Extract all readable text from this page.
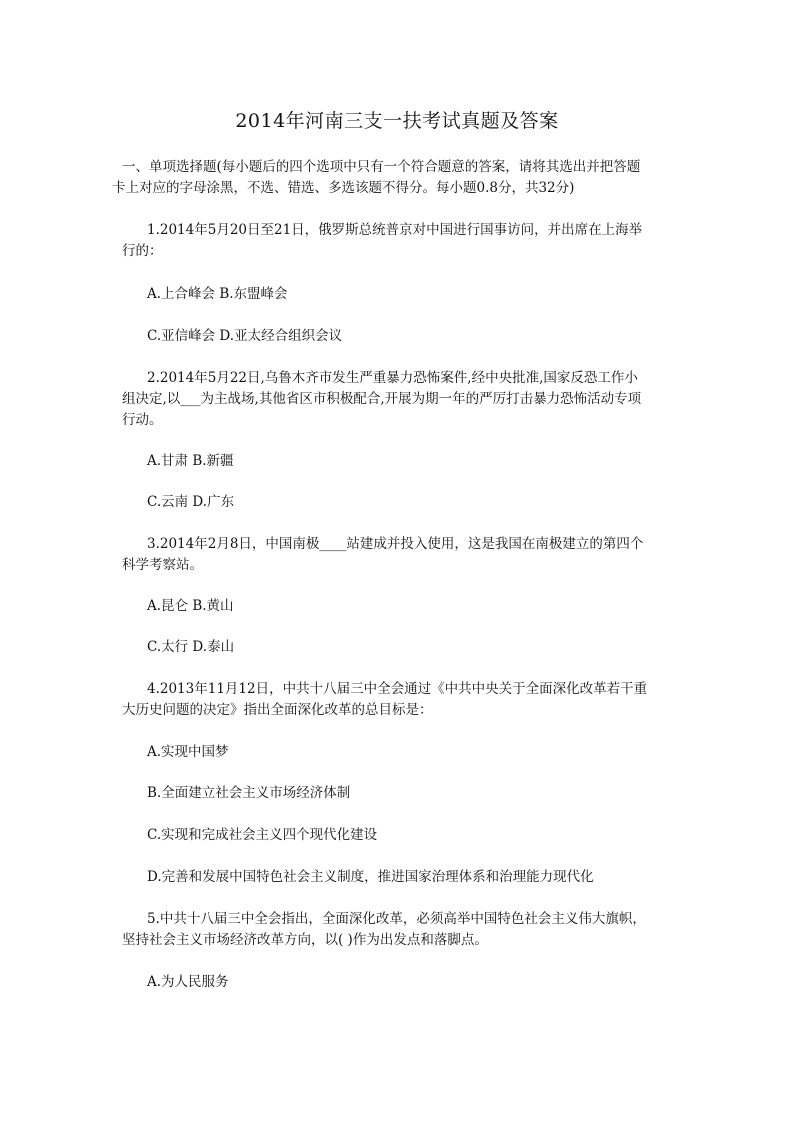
2014年河南三支一扶考试真题及答案
一、单项选择题(每小题后的四个选项中只有一个符合题意的答案，请将其选出并把答题
卡上对应的字母涂黑，不选、错选、多选该题不得分。每小题0.8分，共32分)
1.2014年5月20日至21日，俄罗斯总统普京对中国进行国事访问，并出席在上海举
行的：
A.上合峰会 B.东盟峰会
C.亚信峰会 D.亚太经合组织会议
2.2014年5月22日,乌鲁木齐市发生严重暴力恐怖案件,经中央批准,国家反恐工作小
组决定,以___为主战场,其他省区市积极配合,开展为期一年的严厉打击暴力恐怖活动专项
行动。
A.甘肃 B.新疆
C.云南 D.广东
3.2014年2月8日，中国南极____站建成并投入使用，这是我国在南极建立的第四个
科学考察站。
A.昆仑 B.黄山
C.太行 D.泰山
4.2013年11月12日，中共十八届三中全会通过《中共中央关于全面深化改革若干重
大历史问题的决定》指出全面深化改革的总目标是：
A.实现中国梦
B.全面建立社会主义市场经济体制
C.实现和完成社会主义四个现代化建设
D.完善和发展中国特色社会主义制度，推进国家治理体系和治理能力现代化
5.中共十八届三中全会指出，全面深化改革，必须高举中国特色社会主义伟大旗帜，
坚持社会主义市场经济改革方向，以( )作为出发点和落脚点。
A.为人民服务
